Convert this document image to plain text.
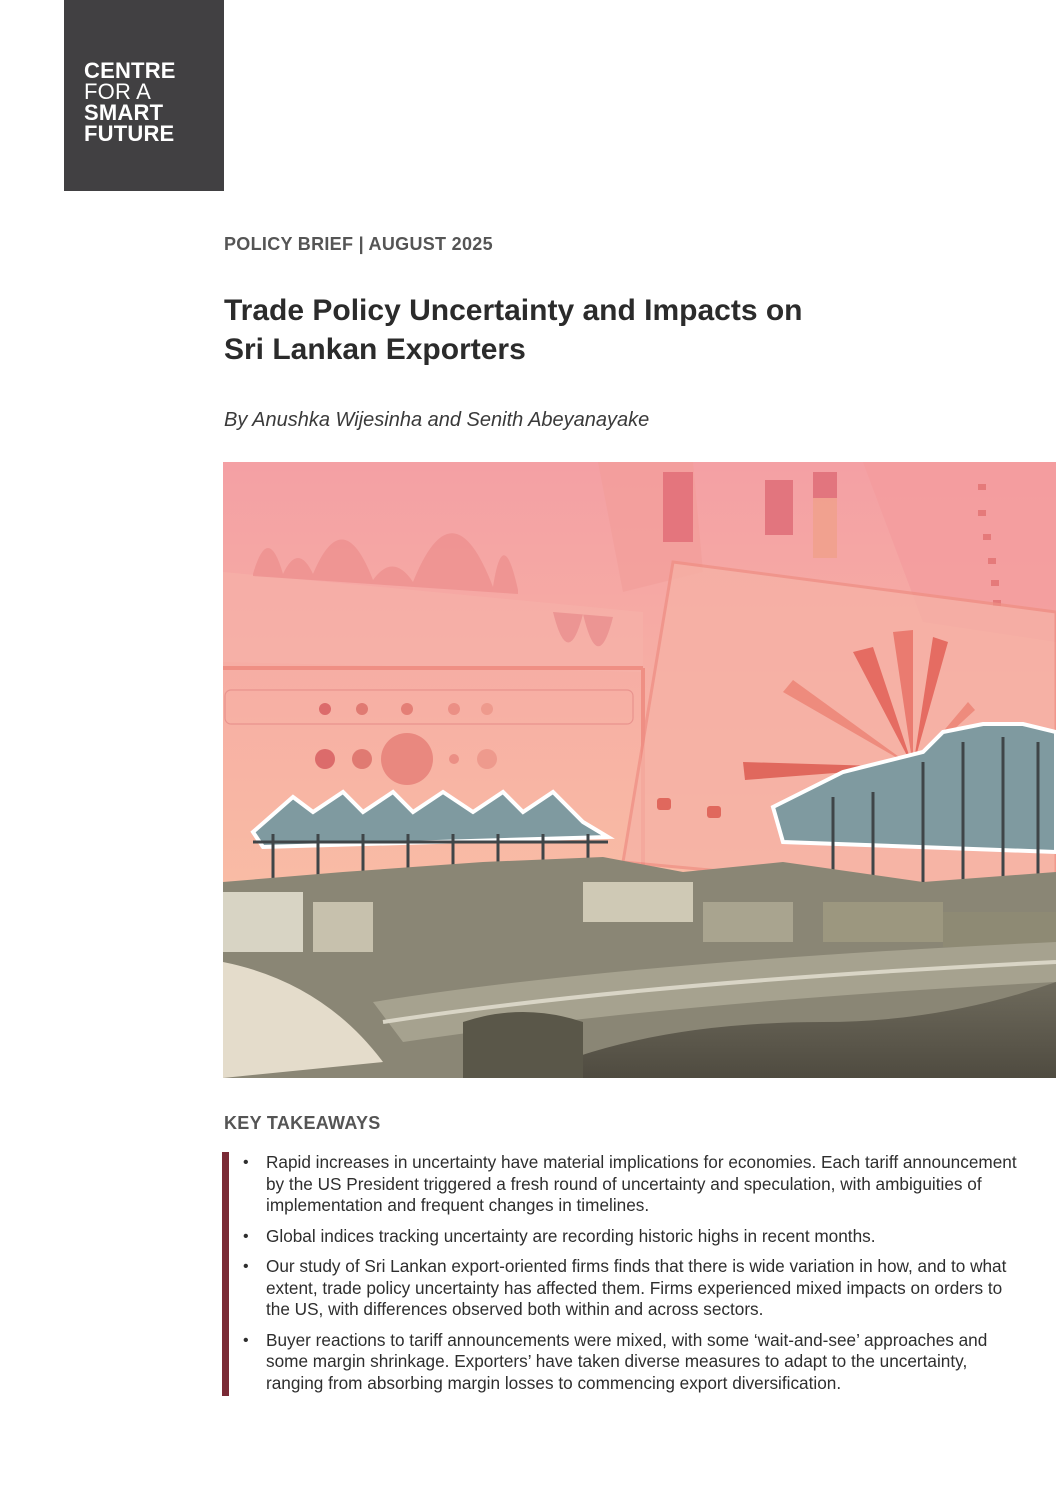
CENTRE
FOR A
SMART
FUTURE
POLICY BRIEF | AUGUST 2025
Trade Policy Uncertainty and Impacts on
Sri Lankan Exporters
By Anushka Wijesinha and Senith Abeyanayake
KEY TAKEAWAYS
• Rapid increases in uncertainty have material implications for economies. Each tariff announcement by the US President triggered a fresh round of uncertainty and speculation, with ambiguities of implementation and frequent changes in timelines.
• Global indices tracking uncertainty are recording historic highs in recent months.
• Our study of Sri Lankan export-oriented firms finds that there is wide variation in how, and to what extent, trade policy uncertainty has affected them. Firms experienced mixed impacts on orders to the US, with differences observed both within and across sectors.
• Buyer reactions to tariff announcements were mixed, with some ‘wait-and-see’ approaches and some margin shrinkage. Exporters’ have taken diverse measures to adapt to the uncertainty, ranging from absorbing margin losses to commencing export diversification.
